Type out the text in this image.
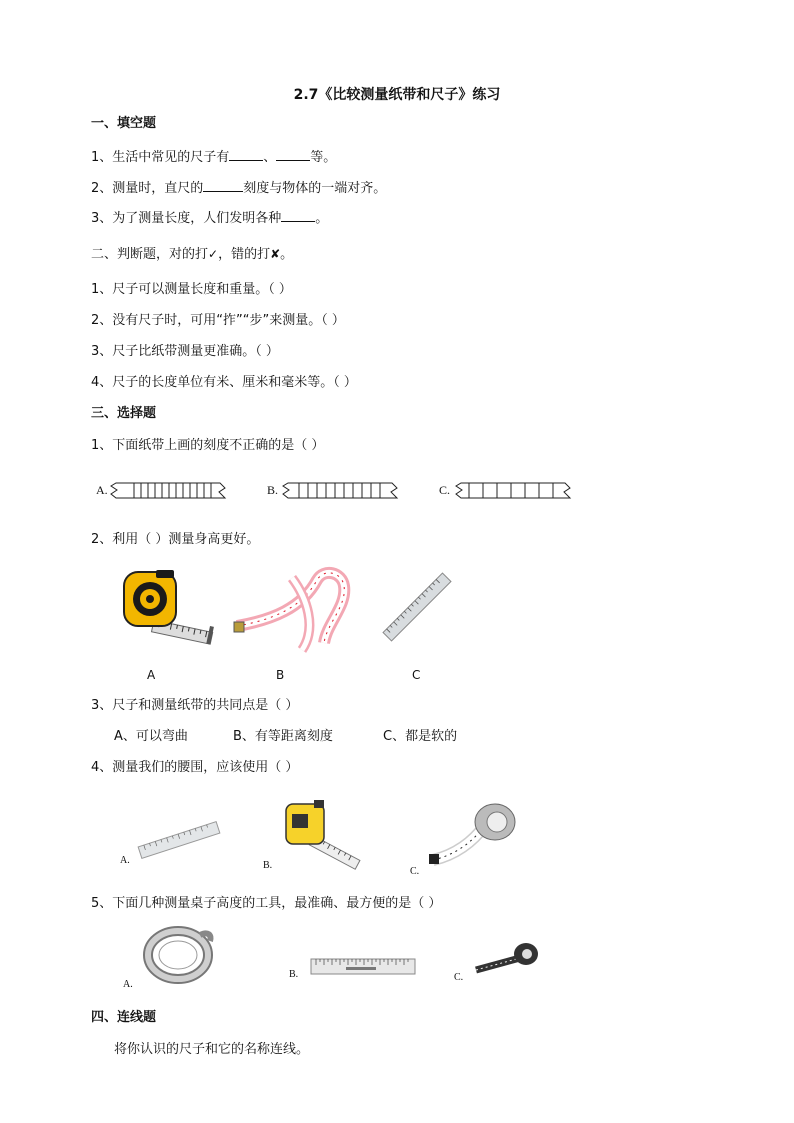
2.7《比较测量纸带和尺子》练习
一、填空题
1、生活中常见的尺子有	、	等。
2、测量时，直尺的	刻度与物体的一端对齐。
3、为了测量长度，人们发明各种	。
二、判断题，对的打✓，错的打✘。
1、尺子可以测量长度和重量。（ ）
2、没有尺子时，可用“拃”“步”来测量。（ ）
3、尺子比纸带测量更准确。（ ）
4、尺子的长度单位有米、厘米和毫米等。（ ）
三、选择题
1、下面纸带上画的刻度不正确的是（ ）
A.	B.	C.
2、利用（ ）测量身高更好。
A	B	C
3、尺子和测量纸带的共同点是（ ）
A、可以弯曲	B、有等距离刻度	C、都是软的
4、测量我们的腰围，应该使用（ ）
A.	B.
C.
5、下面几种测量桌子高度的工具，最准确、最方便的是（ ）
A.
B.	C.
四、连线题
将你认识的尺子和它的名称连线。
